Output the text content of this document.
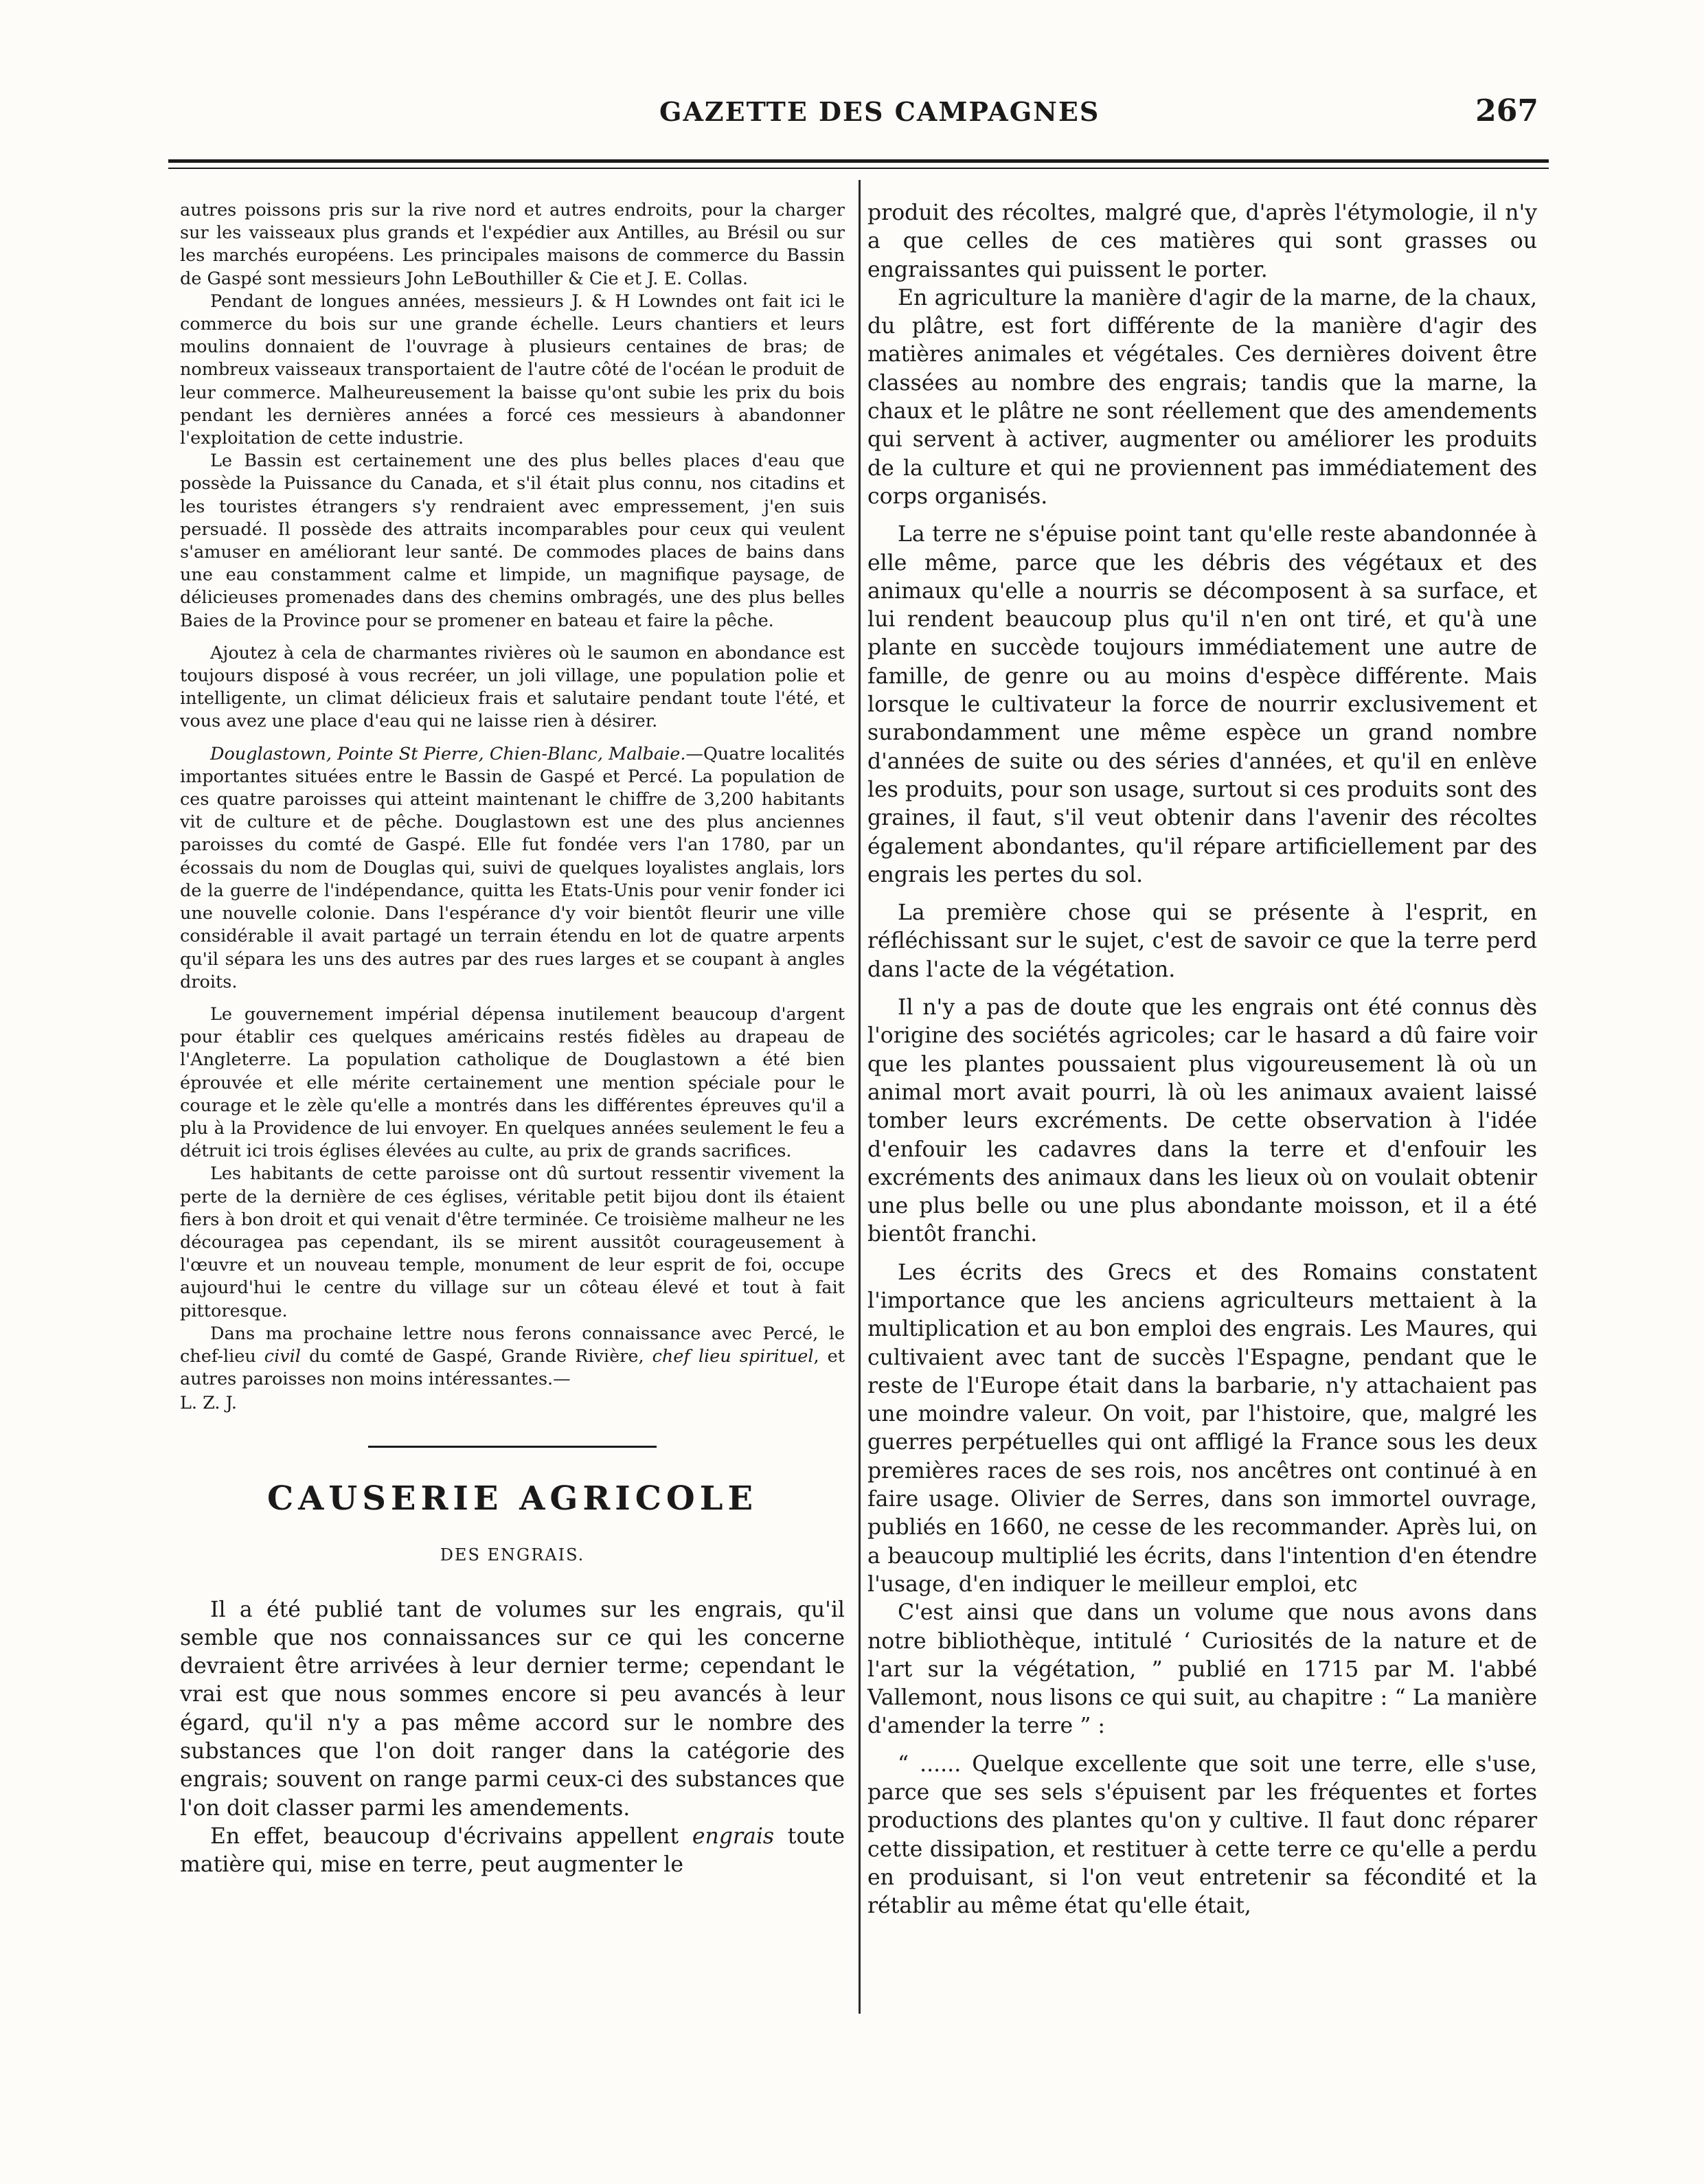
GAZETTE DES CAMPAGNES	267

autres poissons pris sur la rive nord et autres endroits, pour la charger sur les vaisseaux plus grands et l'expédier aux Antilles, au Brésil ou sur les marchés européens. Les principales maisons de commerce du Bassin de Gaspé sont messieurs John LeBouthiller & Cie et J. E. Collas.

Pendant de longues années, messieurs J. & H Lowndes ont fait ici le commerce du bois sur une grande échelle. Leurs chantiers et leurs moulins donnaient de l'ouvrage à plusieurs centaines de bras; de nombreux vaisseaux transportaient de l'autre côté de l'océan le produit de leur commerce. Malheureusement la baisse qu'ont subie les prix du bois pendant les dernières années a forcé ces messieurs à abandonner l'exploitation de cette industrie.

Le Bassin est certainement une des plus belles places d'eau que possède la Puissance du Canada, et s'il était plus connu, nos citadins et les touristes étrangers s'y rendraient avec empressement, j'en suis persuadé. Il possède des attraits incomparables pour ceux qui veulent s'amuser en améliorant leur santé. De commodes places de bains dans une eau constamment calme et limpide, un magnifique paysage, de délicieuses promenades dans des chemins ombragés, une des plus belles Baies de la Province pour se promener en bateau et faire la pêche.

Ajoutez à cela de charmantes rivières où le saumon en abondance est toujours disposé à vous recréer, un joli village, une population polie et intelligente, un climat délicieux frais et salutaire pendant toute l'été, et vous avez une place d'eau qui ne laisse rien à désirer.

Douglastown, Pointe St Pierre, Chien-Blanc, Malbaie.—Quatre localités importantes situées entre le Bassin de Gaspé et Percé. La population de ces quatre paroisses qui atteint maintenant le chiffre de 3,200 habitants vit de culture et de pêche. Douglastown est une des plus anciennes paroisses du comté de Gaspé. Elle fut fondée vers l'an 1780, par un écossais du nom de Douglas qui, suivi de quelques loyalistes anglais, lors de la guerre de l'indépendance, quitta les Etats-Unis pour venir fonder ici une nouvelle colonie. Dans l'espérance d'y voir bientôt fleurir une ville considérable il avait partagé un terrain étendu en lot de quatre arpents qu'il sépara les uns des autres par des rues larges et se coupant à angles droits.

Le gouvernement impérial dépensa inutilement beaucoup d'argent pour établir ces quelques américains restés fidèles au drapeau de l'Angleterre. La population catholique de Douglastown a été bien éprouvée et elle mérite certainement une mention spéciale pour le courage et le zèle qu'elle a montrés dans les différentes épreuves qu'il a plu à la Providence de lui envoyer. En quelques années seulement le feu a détruit ici trois églises élevées au culte, au prix de grands sacrifices.

Les habitants de cette paroisse ont dû surtout ressentir vivement la perte de la dernière de ces églises, véritable petit bijou dont ils étaient fiers à bon droit et qui venait d'être terminée. Ce troisième malheur ne les découragea pas cependant, ils se mirent aussitôt courageusement à l'œuvre et un nouveau temple, monument de leur esprit de foi, occupe aujourd'hui le centre du village sur un côteau élevé et tout à fait pittoresque.

Dans ma prochaine lettre nous ferons connaissance avec Percé, le chef-lieu civil du comté de Gaspé, Grande Rivière, chef lieu spirituel, et autres paroisses non moins intéressantes.—

L. Z. J.

CAUSERIE AGRICOLE

DES ENGRAIS.

Il a été publié tant de volumes sur les engrais, qu'il semble que nos connaissances sur ce qui les concerne devraient être arrivées à leur dernier terme; cependant le vrai est que nous sommes encore si peu avancés à leur égard, qu'il n'y a pas même accord sur le nombre des substances que l'on doit ranger dans la catégorie des engrais; souvent on range parmi ceux-ci des substances que l'on doit classer parmi les amendements.

En effet, beaucoup d'écrivains appellent engrais toute matière qui, mise en terre, peut augmenter le

produit des récoltes, malgré que, d'après l'étymologie, il n'y a que celles de ces matières qui sont grasses ou engraissantes qui puissent le porter.

En agriculture la manière d'agir de la marne, de la chaux, du plâtre, est fort différente de la manière d'agir des matières animales et végétales. Ces dernières doivent être classées au nombre des engrais; tandis que la marne, la chaux et le plâtre ne sont réellement que des amendements qui servent à activer, augmenter ou améliorer les produits de la culture et qui ne proviennent pas immédiatement des corps organisés.

La terre ne s'épuise point tant qu'elle reste abandonnée à elle même, parce que les débris des végétaux et des animaux qu'elle a nourris se décomposent à sa surface, et lui rendent beaucoup plus qu'il n'en ont tiré, et qu'à une plante en succède toujours immédiatement une autre de famille, de genre ou au moins d'espèce différente. Mais lorsque le cultivateur la force de nourrir exclusivement et surabondamment une même espèce un grand nombre d'années de suite ou des séries d'années, et qu'il en enlève les produits, pour son usage, surtout si ces produits sont des graines, il faut, s'il veut obtenir dans l'avenir des récoltes également abondantes, qu'il répare artificiellement par des engrais les pertes du sol.

La première chose qui se présente à l'esprit, en réfléchissant sur le sujet, c'est de savoir ce que la terre perd dans l'acte de la végétation.

Il n'y a pas de doute que les engrais ont été connus dès l'origine des sociétés agricoles; car le hasard a dû faire voir que les plantes poussaient plus vigoureusement là où un animal mort avait pourri, là où les animaux avaient laissé tomber leurs excréments. De cette observation à l'idée d'enfouir les cadavres dans la terre et d'enfouir les excréments des animaux dans les lieux où on voulait obtenir une plus belle ou une plus abondante moisson, et il a été bientôt franchi.

Les écrits des Grecs et des Romains constatent l'importance que les anciens agriculteurs mettaient à la multiplication et au bon emploi des engrais. Les Maures, qui cultivaient avec tant de succès l'Espagne, pendant que le reste de l'Europe était dans la barbarie, n'y attachaient pas une moindre valeur. On voit, par l'histoire, que, malgré les guerres perpétuelles qui ont affligé la France sous les deux premières races de ses rois, nos ancêtres ont continué à en faire usage. Olivier de Serres, dans son immortel ouvrage, publiés en 1660, ne cesse de les recommander. Après lui, on a beaucoup multiplié les écrits, dans l'intention d'en étendre l'usage, d'en indiquer le meilleur emploi, etc

C'est ainsi que dans un volume que nous avons dans notre bibliothèque, intitulé ‘ Curiosités de la nature et de l'art sur la végétation, ” publié en 1715 par M. l'abbé Vallemont, nous lisons ce qui suit, au chapitre : “ La manière d'amender la terre ” :

“ ...... Quelque excellente que soit une terre, elle s'use, parce que ses sels s'épuisent par les fréquentes et fortes productions des plantes qu'on y cultive. Il faut donc réparer cette dissipation, et restituer à cette terre ce qu'elle a perdu en produisant, si l'on veut entretenir sa fécondité et la rétablir au même état qu'elle était,
